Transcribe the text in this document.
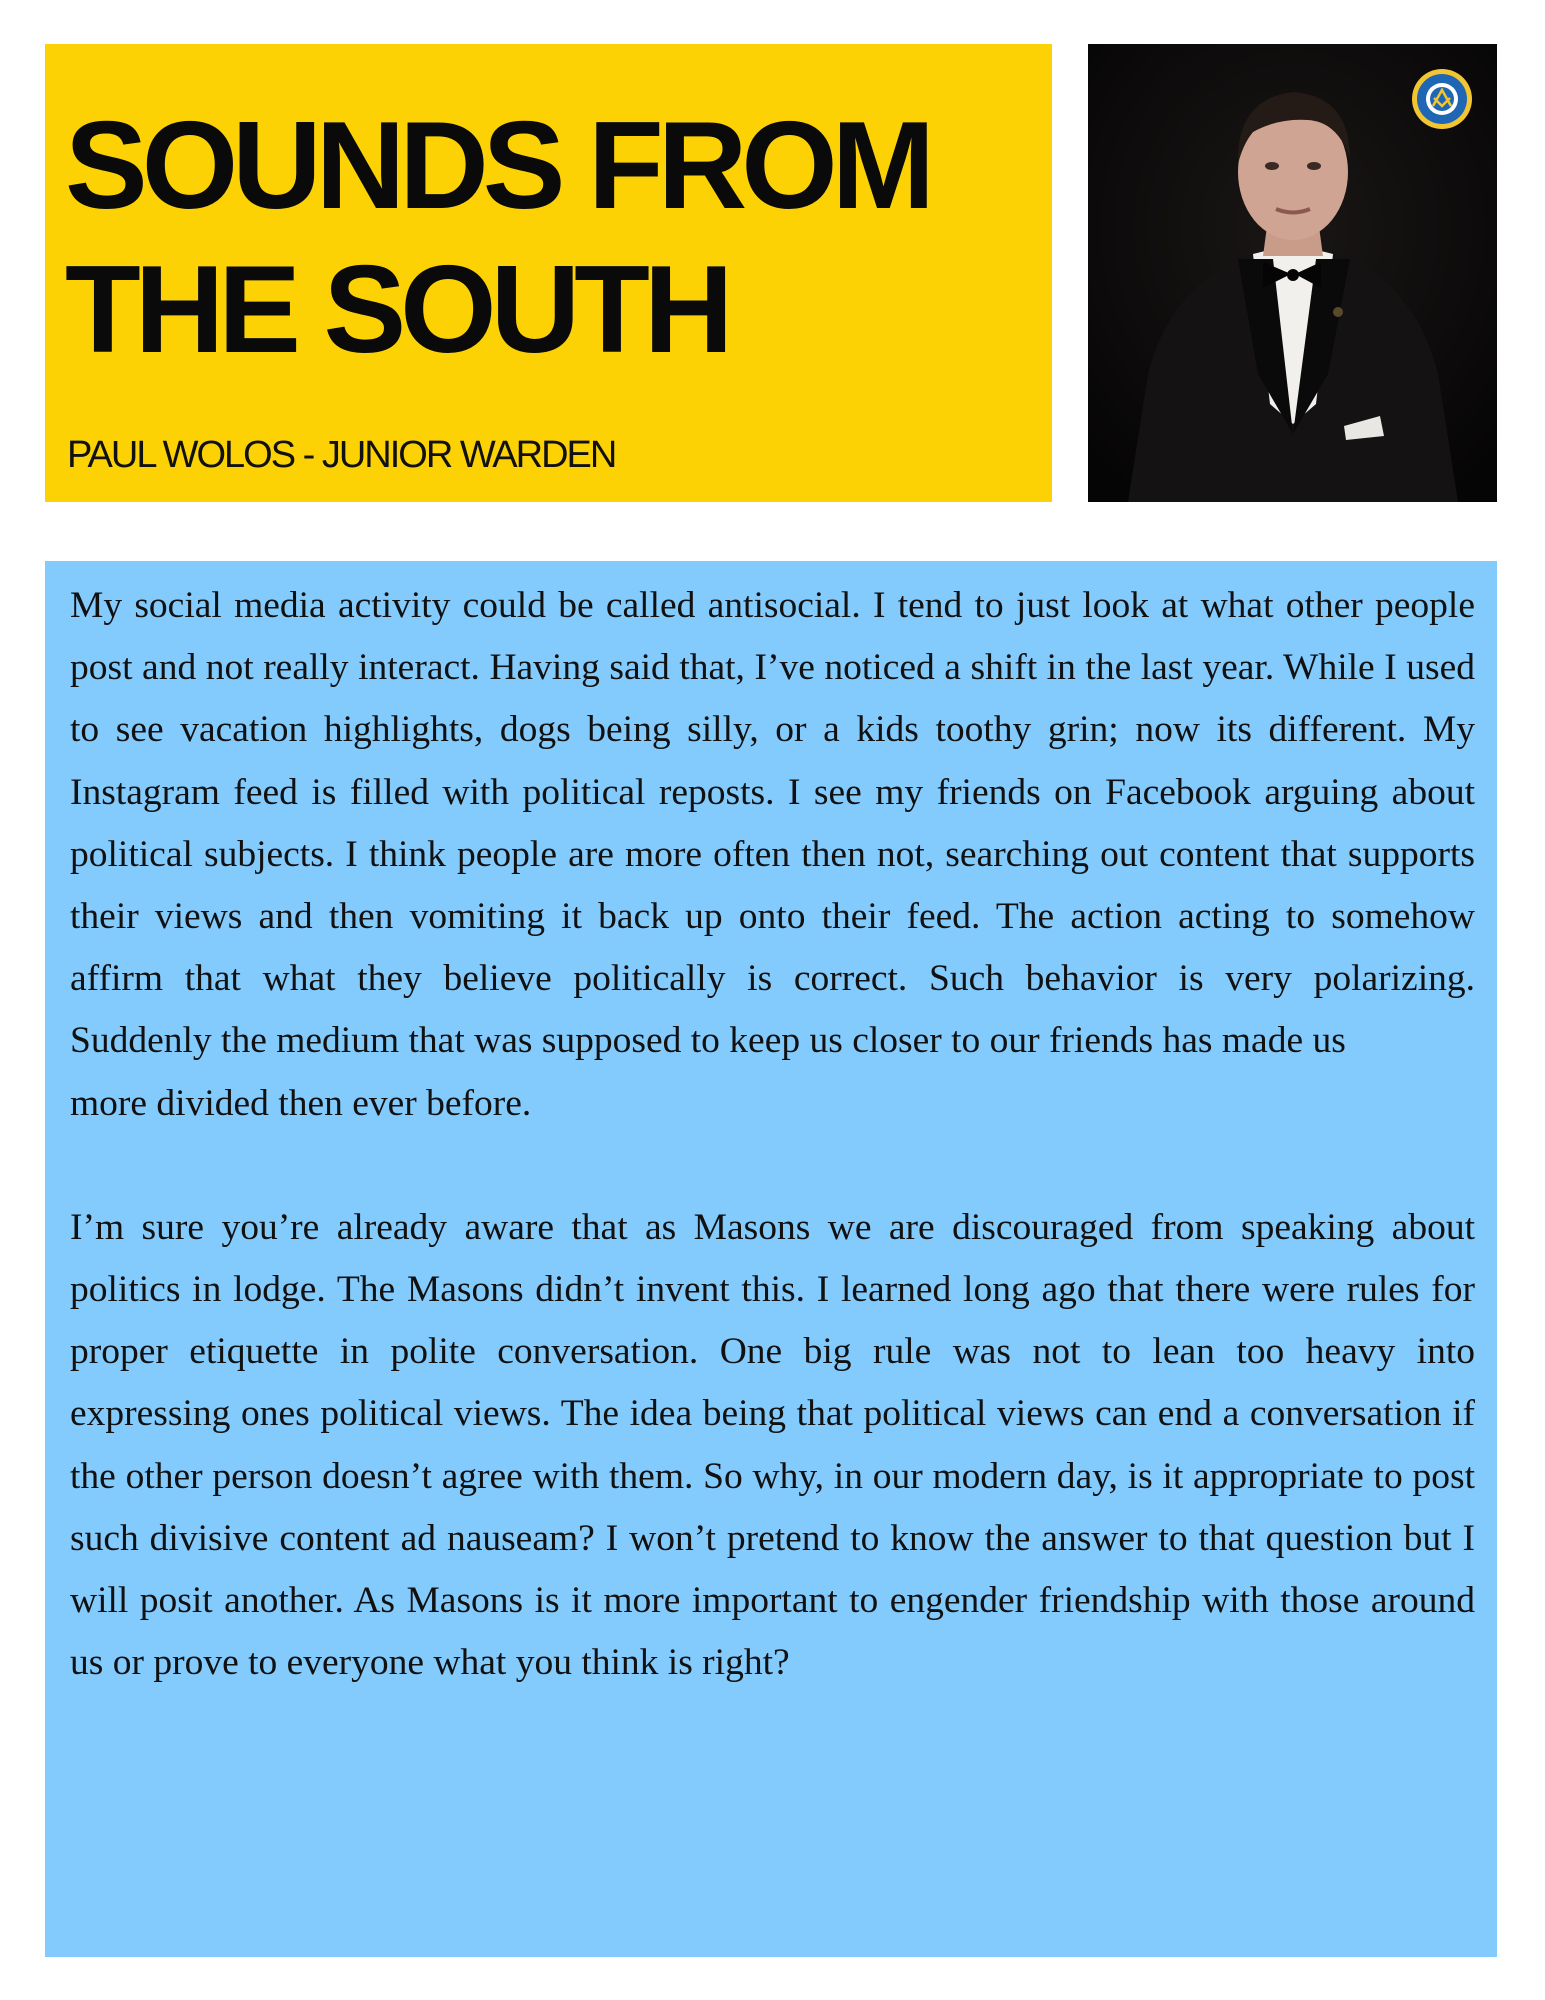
SOUNDS FROM
THE SOUTH
PAUL WOLOS - JUNIOR WARDEN

My social media activity could be called antisocial. I tend to just look at what other people post and not really interact. Having said that, I’ve noticed a shift in the last year. While I used to see vacation highlights, dogs being silly, or a kids toothy grin; now its different. My Instagram feed is filled with political reposts. I see my friends on Facebook arguing about political subjects. I think people are more often then not, searching out content that supports their views and then vomiting it back up onto their feed. The action acting to somehow affirm that what they believe politically is correct. Such behavior is very polarizing. Suddenly the medium that was supposed to keep us closer to our friends has made us
more divided then ever before.

I’m sure you’re already aware that as Masons we are discouraged from speaking about politics in lodge. The Masons didn’t invent this. I learned long ago that there were rules for proper etiquette in polite conversation. One big rule was not to lean too heavy into expressing ones political views. The idea being that political views can end a conversation if the other person doesn’t agree with them. So why, in our modern day, is it appropriate to post such divisive content ad nauseam? I won’t pretend to know the answer to that question but I will posit another. As Masons is it more important to engender friendship with those around us or prove to everyone what you think is right?
